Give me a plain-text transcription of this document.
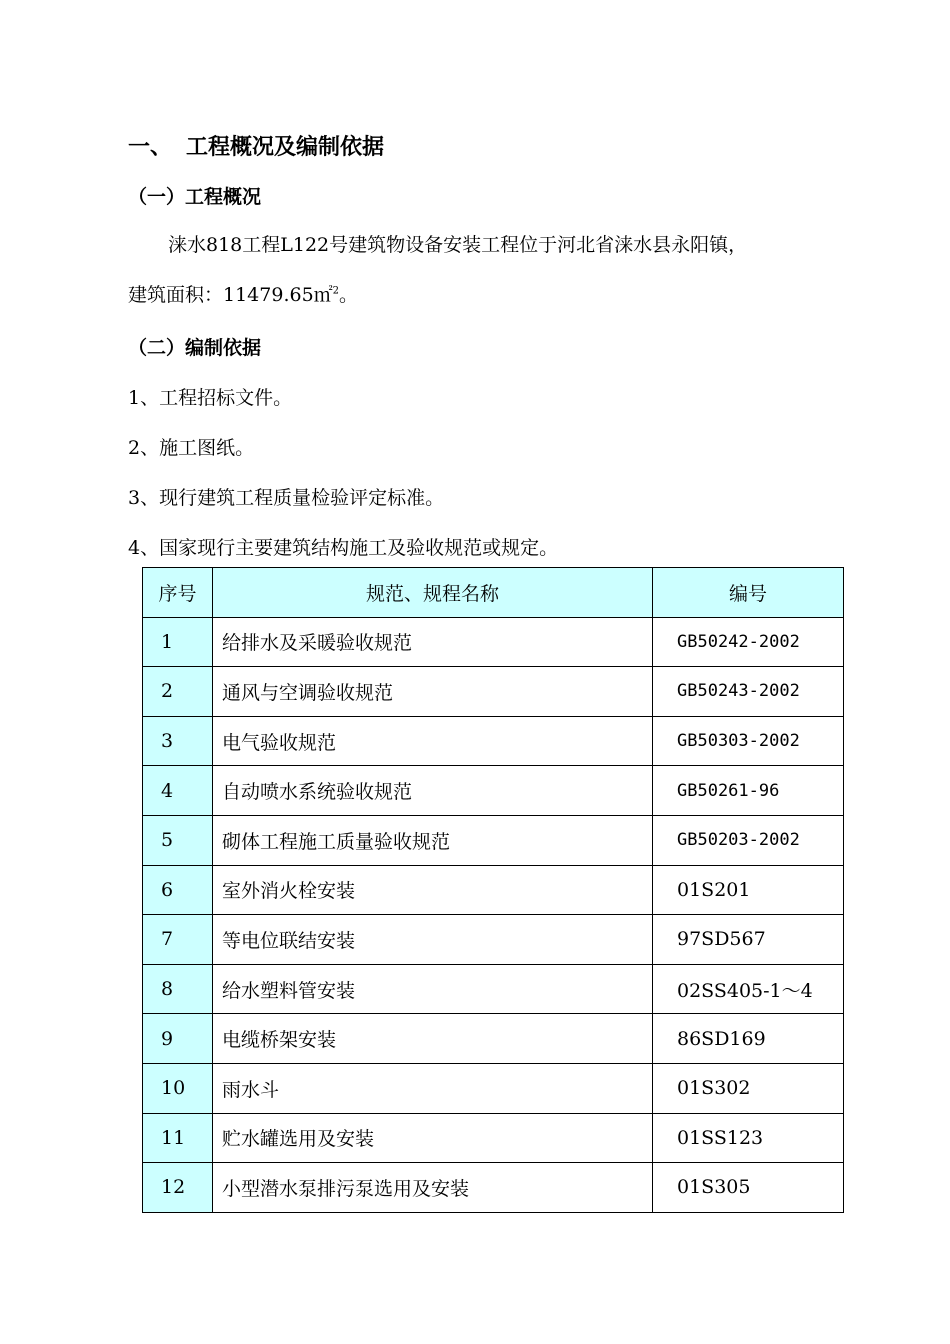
一、 工程概况及编制依据
（一）工程概况
涞水818工程L122号建筑物设备安装工程位于河北省涞水县永阳镇，
建筑面积：11479.65㎡$^2$。
（二）编制依据
1、工程招标文件。
2、施工图纸。
3、现行建筑工程质量检验评定标准。
4、国家现行主要建筑结构施工及验收规范或规定。
序号	规范、规程名称	编号
1	给排水及采暖验收规范	GB50242-2002
2	通风与空调验收规范	GB50243-2002
3	电气验收规范	GB50303-2002
4	自动喷水系统验收规范	GB50261-96
5	砌体工程施工质量验收规范	GB50203-2002
6	室外消火栓安装	01S201
7	等电位联结安装	97SD567
8	给水塑料管安装	02SS405-1～4
9	电缆桥架安装	86SD169
10	雨水斗	01S302
11	贮水罐选用及安装	01SS123
12	小型潜水泵排污泵选用及安装	01S305
